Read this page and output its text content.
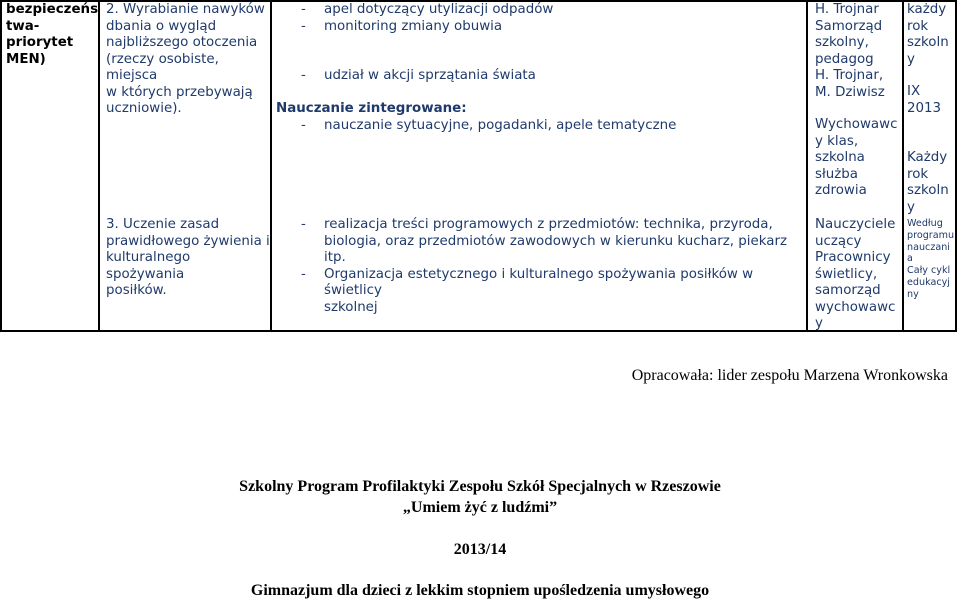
bezpieczeńs
twa-
priorytet
MEN)
2. Wyrabianie nawyków
dbania o wygląd
najbliższego otoczenia
(rzeczy osobiste, miejsca
w których przebywają
uczniowie).
3. Uczenie zasad
prawidłowego żywienia i
kulturalnego spożywania
posiłków.
- apel dotyczący utylizacji odpadów
- monitoring zmiany obuwia
- udział w akcji sprzątania świata
Nauczanie zintegrowane:
- nauczanie sytuacyjne, pogadanki, apele tematyczne
- realizacja treści programowych z przedmiotów: technika, przyroda,
biologia, oraz przedmiotów zawodowych w kierunku kucharz, piekarz itp.
- Organizacja estetycznego i kulturalnego spożywania posiłków w świetlicy
szkolnej
H. Trojnar
Samorząd
szkolny,
pedagog
H. Trojnar,
M. Dziwisz
Wychowawc
y klas,
szkolna
służba
zdrowia
Nauczyciele
uczący
Pracownicy
świetlicy,
samorząd
wychowawc
y
każdy
rok
szkoln
y
IX
2013
Każdy
rok
szkoln
y
Według
programu
nauczani
a
Cały cykl
edukacyj
ny
Opracowała: lider zespołu Marzena Wronkowska
Szkolny Program Profilaktyki Zespołu Szkół Specjalnych w Rzeszowie
„Umiem żyć z ludźmi”
2013/14
Gimnazjum dla dzieci z lekkim stopniem upośledzenia umysłowego
